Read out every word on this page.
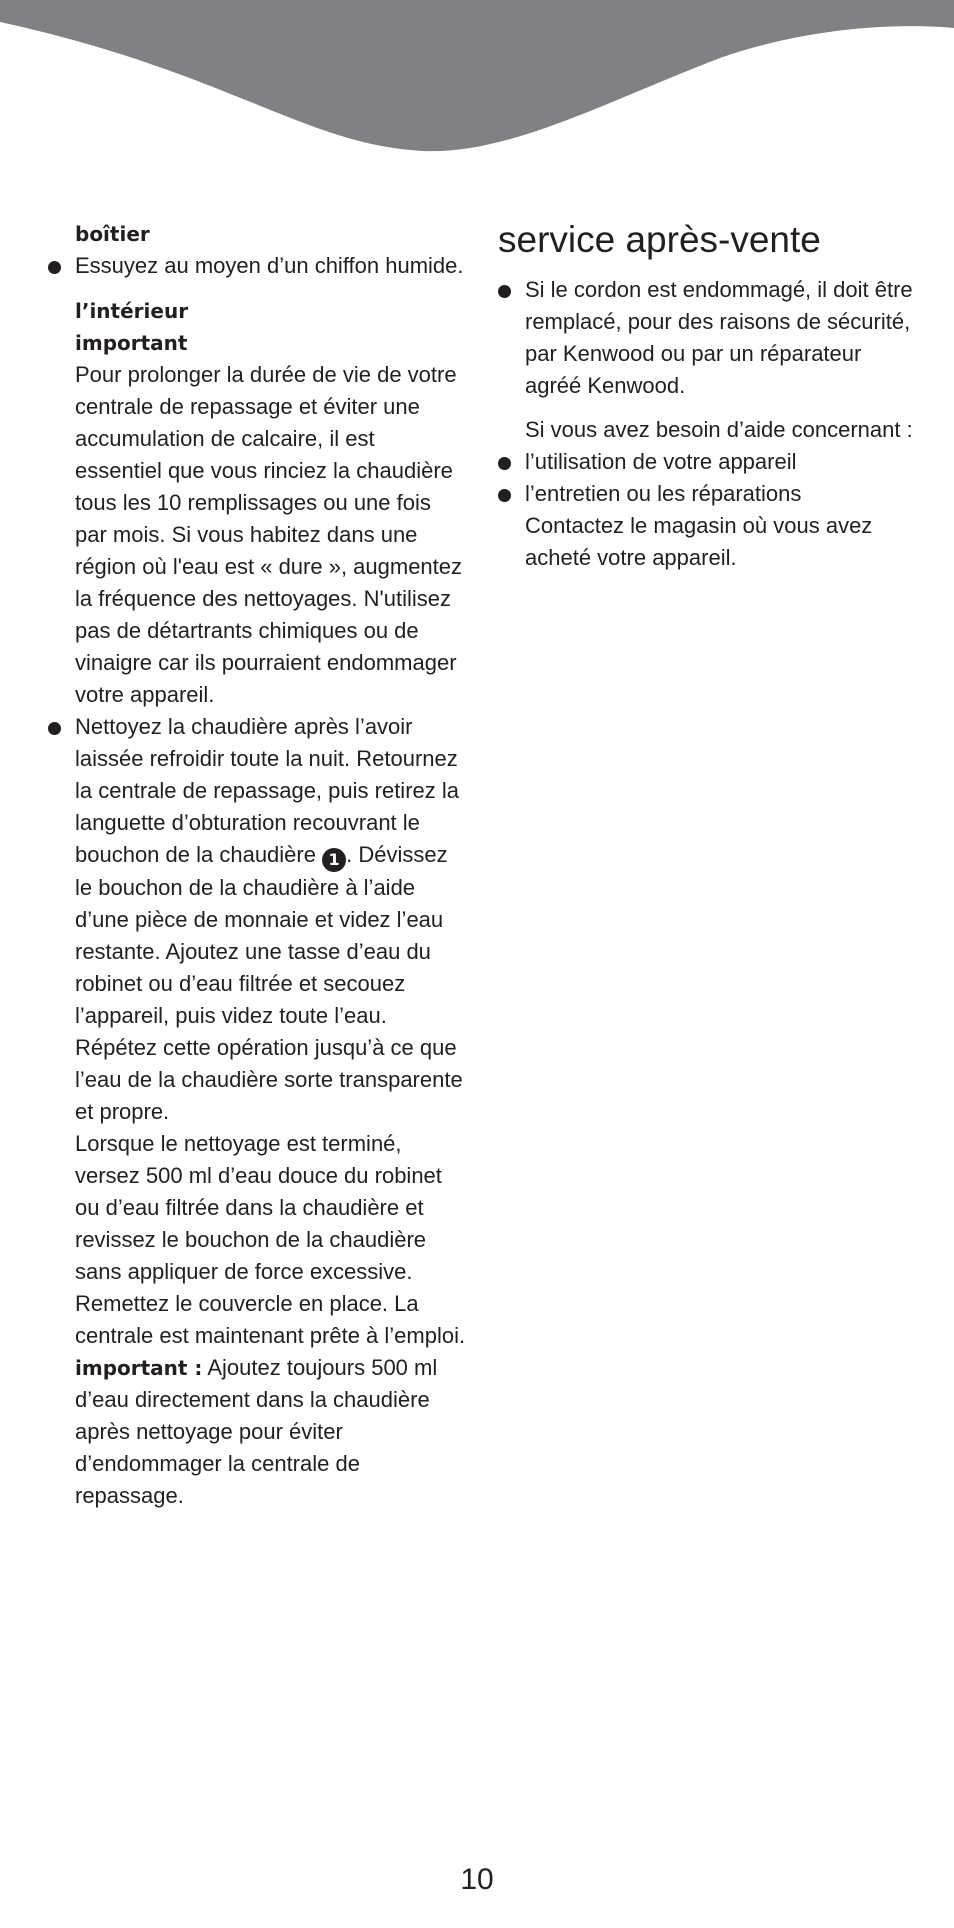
boîtier

Essuyez au moyen d’un chiffon humide.

l’intérieur

important

Pour prolonger la durée de vie de votre centrale de repassage et éviter une accumulation de calcaire, il est essentiel que vous rinciez la chaudière tous les 10 remplissages ou une fois par mois. Si vous habitez dans une région où l'eau est « dure », augmentez la fréquence des nettoyages. N'utilisez pas de détartrants chimiques ou de vinaigre car ils pourraient endommager votre appareil.

Nettoyez la chaudière après l’avoir laissée refroidir toute la nuit. Retournez la centrale de repassage, puis retirez la languette d’obturation recouvrant le bouchon de la chaudière 1 . Dévissez le bouchon de la chaudière à l’aide d’une pièce de monnaie et videz l’eau restante. Ajoutez une tasse d’eau du robinet ou d’eau filtrée et secouez l’appareil, puis videz toute l’eau. Répétez cette opération jusqu’à ce que l’eau de la chaudière sorte transparente et propre.

Lorsque le nettoyage est terminé, versez 500 ml d’eau douce du robinet ou d’eau filtrée dans la chaudière et revissez le bouchon de la chaudière sans appliquer de force excessive. Remettez le couvercle en place. La centrale est maintenant prête à l’emploi.

important : Ajoutez toujours 500 ml d’eau directement dans la chaudière après nettoyage pour éviter d’endommager la centrale de repassage.

service après-vente

Si le cordon est endommagé, il doit être remplacé, pour des raisons de sécurité, par Kenwood ou par un réparateur agréé Kenwood.

Si vous avez besoin d’aide concernant :

l’utilisation de votre appareil

l’entretien ou les réparations

Contactez le magasin où vous avez acheté votre appareil.

10
